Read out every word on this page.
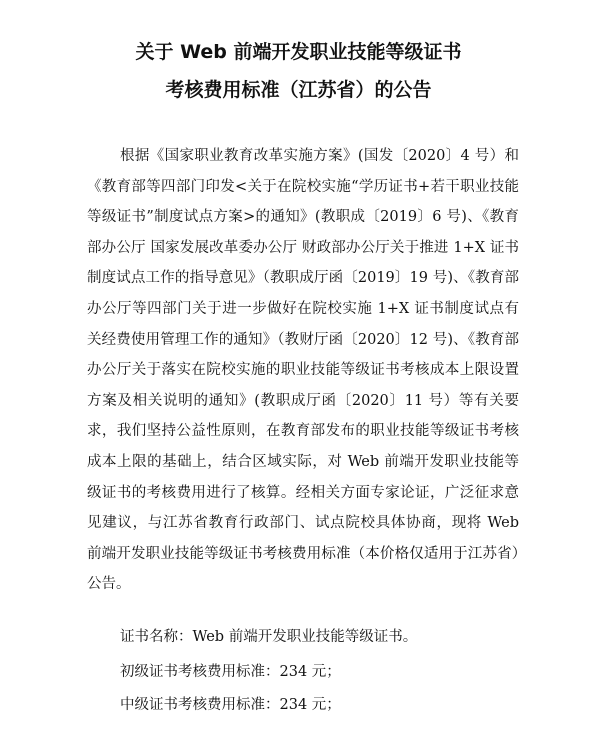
关于 Web 前端开发职业技能等级证书
考核费用标准（江苏省）的公告

根据《国家职业教育改革实施方案》(国发〔2020〕4 号）和《教育部等四部门印发<关于在院校实施“学历证书+若干职业技能等级证书”制度试点方案>的通知》(教职成〔2019〕6 号)、《教育部办公厅 国家发展改革委办公厅 财政部办公厅关于推进 1+X 证书制度试点工作的指导意见》（教职成厅函〔2019〕19 号)、《教育部办公厅等四部门关于进一步做好在院校实施 1+X 证书制度试点有关经费使用管理工作的通知》（教财厅函〔2020〕12 号)、《教育部办公厅关于落实在院校实施的职业技能等级证书考核成本上限设置方案及相关说明的通知》(教职成厅函〔2020〕11 号）等有关要求，我们坚持公益性原则，在教育部发布的职业技能等级证书考核成本上限的基础上，结合区域实际，对 Web 前端开发职业技能等级证书的考核费用进行了核算。经相关方面专家论证，广泛征求意见建议，与江苏省教育行政部门、试点院校具体协商，现将 Web 前端开发职业技能等级证书考核费用标准（本价格仅适用于江苏省）公告。

证书名称：Web 前端开发职业技能等级证书。

初级证书考核费用标准：234 元；

中级证书考核费用标准：234 元；
